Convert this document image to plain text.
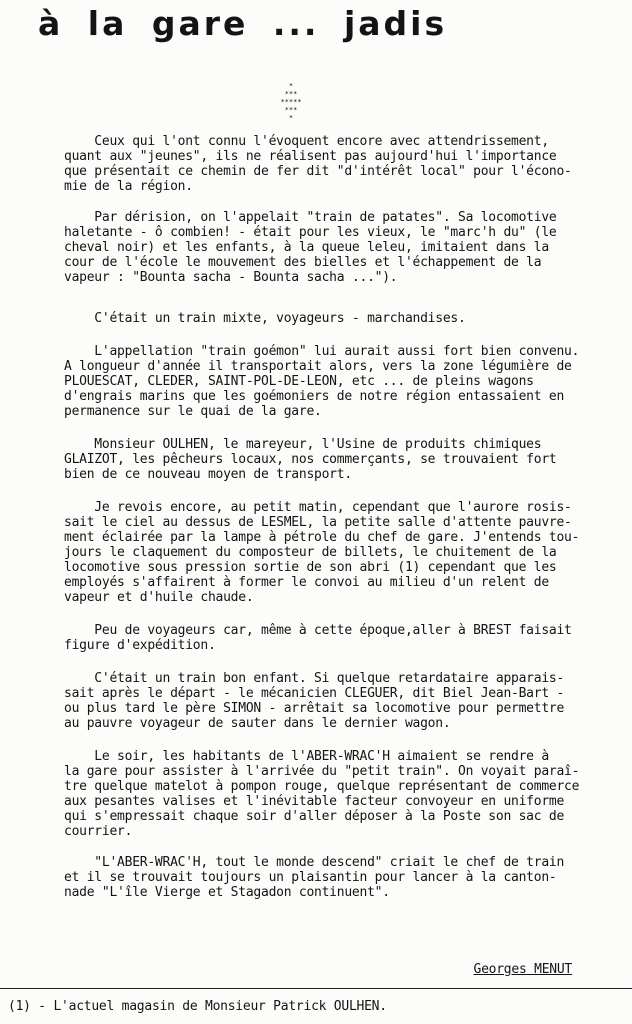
à la gare ... jadis
*
***
*****
***
*

Ceux qui l'ont connu l'évoquent encore avec attendrissement,
quant aux "jeunes", ils ne réalisent pas aujourd'hui l'importance
que présentait ce chemin de fer dit "d'intérêt local" pour l'écono-
mie de la région.

Par dérision, on l'appelait "train de patates". Sa locomotive
haletante - ô combien! - était pour les vieux, le "marc'h du" (le
cheval noir) et les enfants, à la queue leleu, imitaient dans la
cour de l'école le mouvement des bielles et l'échappement de la
vapeur : "Bounta sacha - Bounta sacha ...").

C'était un train mixte, voyageurs - marchandises.

L'appellation "train goémon" lui aurait aussi fort bien convenu.
A longueur d'année il transportait alors, vers la zone légumière de
PLOUESCAT, CLEDER, SAINT-POL-DE-LEON, etc ... de pleins wagons
d'engrais marins que les goémoniers de notre région entassaient en
permanence sur le quai de la gare.

Monsieur OULHEN, le mareyeur, l'Usine de produits chimiques
GLAIZOT, les pêcheurs locaux, nos commerçants, se trouvaient fort
bien de ce nouveau moyen de transport.

Je revois encore, au petit matin, cependant que l'aurore rosis-
sait le ciel au dessus de LESMEL, la petite salle d'attente pauvre-
ment éclairée par la lampe à pétrole du chef de gare. J'entends tou-
jours le claquement du composteur de billets, le chuitement de la
locomotive sous pression sortie de son abri (1) cependant que les
employés s'affairent à former le convoi au milieu d'un relent de
vapeur et d'huile chaude.

Peu de voyageurs car, même à cette époque,aller à BREST faisait
figure d'expédition.

C'était un train bon enfant. Si quelque retardataire apparais-
sait après le départ - le mécanicien CLEGUER, dit Biel Jean-Bart -
ou plus tard le père SIMON - arrêtait sa locomotive pour permettre
au pauvre voyageur de sauter dans le dernier wagon.

Le soir, les habitants de l'ABER-WRAC'H aimaient se rendre à
la gare pour assister à l'arrivée du "petit train". On voyait paraî-
tre quelque matelot à pompon rouge, quelque représentant de commerce
aux pesantes valises et l'inévitable facteur convoyeur en uniforme
qui s'empressait chaque soir d'aller déposer à la Poste son sac de
courrier.

"L'ABER-WRAC'H, tout le monde descend" criait le chef de train
et il se trouvait toujours un plaisantin pour lancer à la canton-
nade "L'île Vierge et Stagadon continuent".

Georges MENUT
(1) - L'actuel magasin de Monsieur Patrick OULHEN.
